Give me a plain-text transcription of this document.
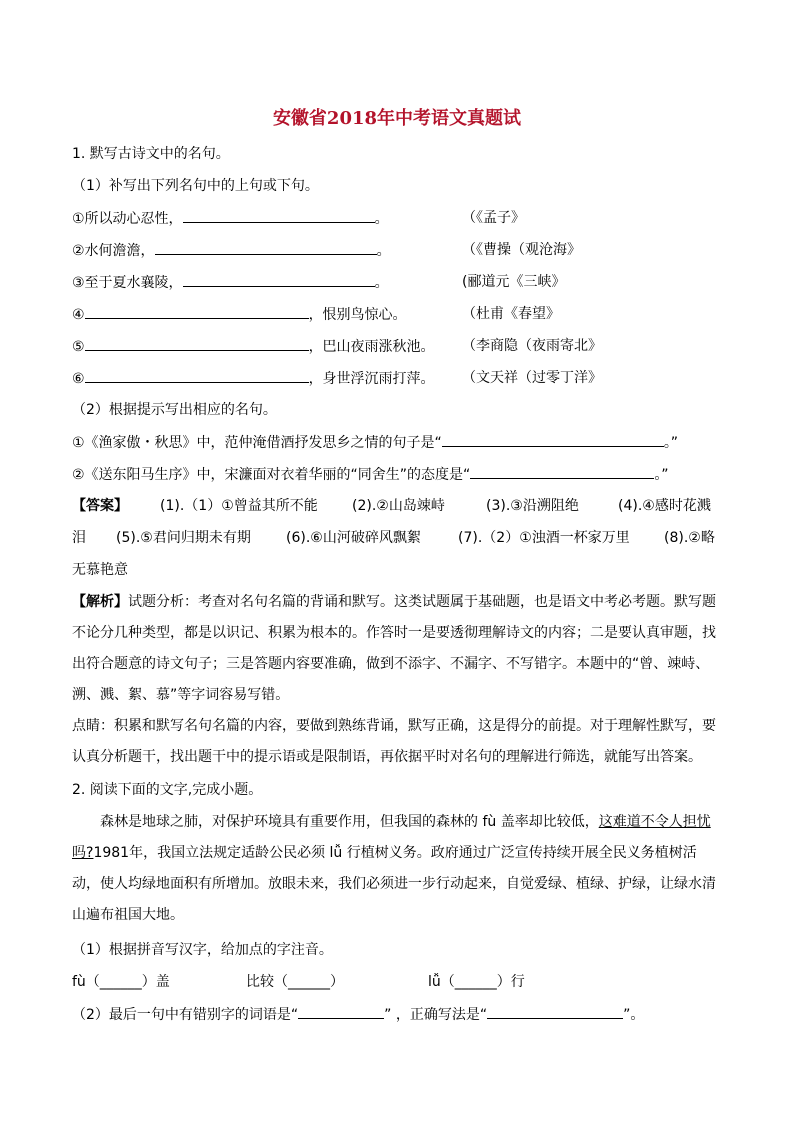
安徽省2018年中考语文真题试
1. 默写古诗文中的名句。
（1）补写出下列名句中的上句或下句。
①所以动心忍性，	。	（《孟子》
②水何澹澹，	。	（《曹操（观沧海》
③至于夏水襄陵，	。	(郦道元《三峡》
④	，恨别鸟惊心。	（杜甫《春望》
⑤	，巴山夜雨涨秋池。 （李商隐（夜雨寄北》
⑥	，身世浮沉雨打萍。 （文天祥（过零丁洋》
（2）根据提示写出相应的名句。
①《渔家傲・秋思》中，范仲淹借酒抒发思乡之情的句子是“	。”
②《送东阳马生序》中，宋濂面对衣着华丽的“同舍生”的态度是“	。”
【答案】 (1).（1）①曾益其所不能 (2).②山岛竦峙	(3).③沿溯阻绝	(4).④感时花溅
泪 (5).⑤君问归期未有期	(6).⑥山河破碎风飘絮	(7).（2）①浊酒一杯家万里 (8).②略
无慕艳意
【解析】试题分析：考查对名句名篇的背诵和默写。这类试题属于基础题，也是语文中考必考题。默写题不论分几种类型，都是以识记、积累为根本的。作答时一是要透彻理解诗文的内容；二是要认真审题，找出符合题意的诗文句子；三是答题内容要准确，做到不添字、不漏字、不写错字。本题中的“曾、竦峙、溯、溅、絮、慕”等字词容易写错。
点睛：积累和默写名句名篇的内容，要做到熟练背诵，默写正确，这是得分的前提。对于理解性默写，要认真分析题干，找出题干中的提示语或是限制语，再依据平时对名句的理解进行筛选，就能写出答案。
2. 阅读下面的文字,完成小题。
森林是地球之肺，对保护环境具有重要作用，但我国的森林的 fù 盖率却比较低，这难道不令人担忧吗?1981年，我国立法规定适龄公民必须 lǚ 行植树义务。政府通过广泛宣传持续开展全民义务植树活动，使人均绿地面积有所增加。放眼未来，我们必须进一步行动起来，自觉爱绿、植绿、护绿，让绿水清山遍布祖国大地。
（1）根据拼音写汉字，给加点的字注音。
fù（______）盖	比较（______）	lǚ（______）行
（2）最后一句中有错别字的词语是“	” ，正确写法是“	”。
